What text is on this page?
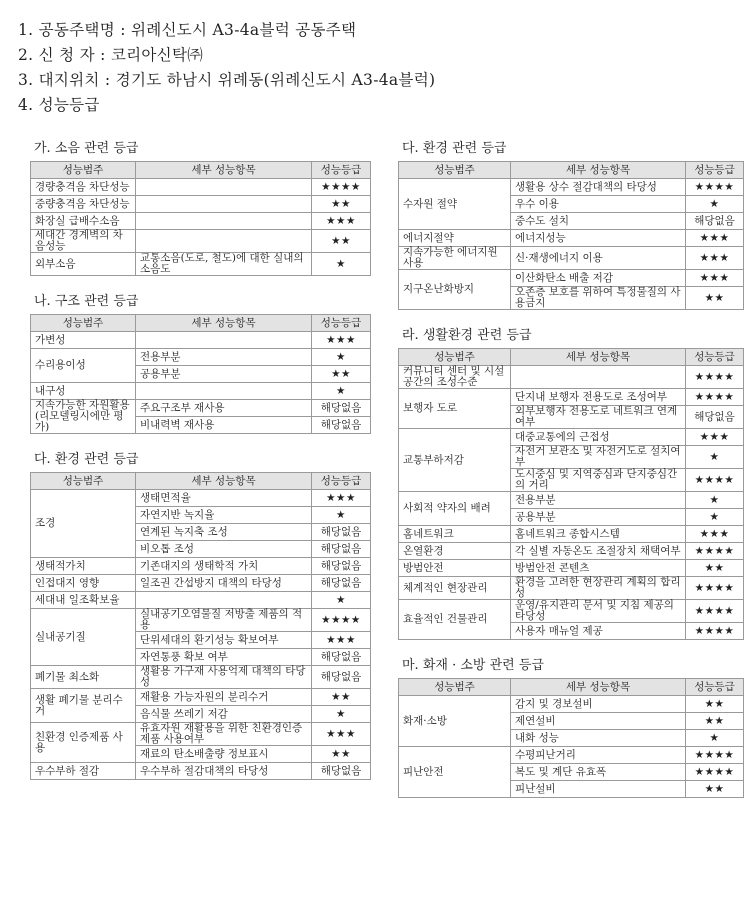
1. 공동주택명 : 위례신도시 A3-4a블럭 공동주택
2. 신 청 자 : 코리아신탁㈜
3. 대지위치 : 경기도 하남시 위례동(위례신도시 A3-4a블럭)
4. 성능등급
가. 소음 관련 등급
성능범주	세부 성능항목	성능등급
경량충격음 차단성능		★★★★
중량충격음 차단성능		★★
화장실 급배수소음		★★★
세대간 경계벽의 차음성능		★★
외부소음	교통소음(도로, 철도)에 대한 실내의 소음도	★
나. 구조 관련 등급
성능범주	세부 성능항목	성능등급
가변성		★★★
수리용이성	전용부분	★
	공용부분	★★
내구성		★
지속가능한 자원활용 (리모델링시에만 평가)	주요구조부 재사용	해당없음
	비내력벽 재사용	해당없음
다. 환경 관련 등급
성능범주	세부 성능항목	성능등급
조경	생태면적율	★★★
	자연지반 녹지율	★
	연계된 녹지축 조성	해당없음
	비오톱 조성	해당없음
생태적가치	기존대지의 생태학적 가치	해당없음
인접대지 영향	일조권 간섭방지 대책의 타당성	해당없음
세대내 일조확보율		★
실내공기질	실내공기오염물질 저방출 제품의 적용	★★★★
	단위세대의 환기성능 확보여부	★★★
	자연통풍 확보 여부	해당없음
폐기물 최소화	생활용 가구재 사용억제 대책의 타당성	해당없음
생활 폐기물 분리수거	재활용 가능자원의 분리수거	★★
	음식물 쓰레기 저감	★
친환경 인증제품 사용	유효자원 재활용을 위한 친환경인증제품 사용여부	★★★
	재료의 탄소배출량 정보표시	★★
우수부하 절감	우수부하 절감대책의 타당성	해당없음
다. 환경 관련 등급
성능범주	세부 성능항목	성능등급
수자원 절약	생활용 상수 절감대책의 타당성	★★★★
	우수 이용	★
	중수도 설치	해당없음
에너지절약	에너지성능	★★★
지속가능한 에너지원사용	신·재생에너지 이용	★★★
지구온난화방지	이산화탄소 배출 저감	★★★
	오존층 보호를 위하여 특정물질의 사용금지	★★
라. 생활환경 관련 등급
성능범주	세부 성능항목	성능등급
커뮤니티 센터 및 시설 공간의 조성수준		★★★★
보행자 도로	단지내 보행자 전용도로 조성여부	★★★★
	외부보행자 전용도로 네트워크 연계여부	해당없음
교통부하저감	대중교통에의 근접성	★★★
	자전거 보관소 및 자전거도로 설치여부	★
	도시중심 및 지역중심과 단지중심간의 거리	★★★★
사회적 약자의 배려	전용부분	★
	공용부분	★
홈네트워크	홈네트워크 종합시스템	★★★
온열환경	각 실별 자동온도 조절장치 채택여부	★★★★
방범안전	방범안전 콘텐츠	★★
체계적인 현장관리	환경을 고려한 현장관리 계획의 합리성	★★★★
효율적인 건물관리	운영/유지관리 문서 및 지침 제공의 타당성	★★★★
	사용자 매뉴얼 제공	★★★★
마. 화재 · 소방 관련 등급
성능범주	세부 성능항목	성능등급
화재·소방	감지 및 경보설비	★★
	제연설비	★★
	내화 성능	★
피난안전	수평피난거리	★★★★
	복도 및 계단 유효폭	★★★★
	피난설비	★★
